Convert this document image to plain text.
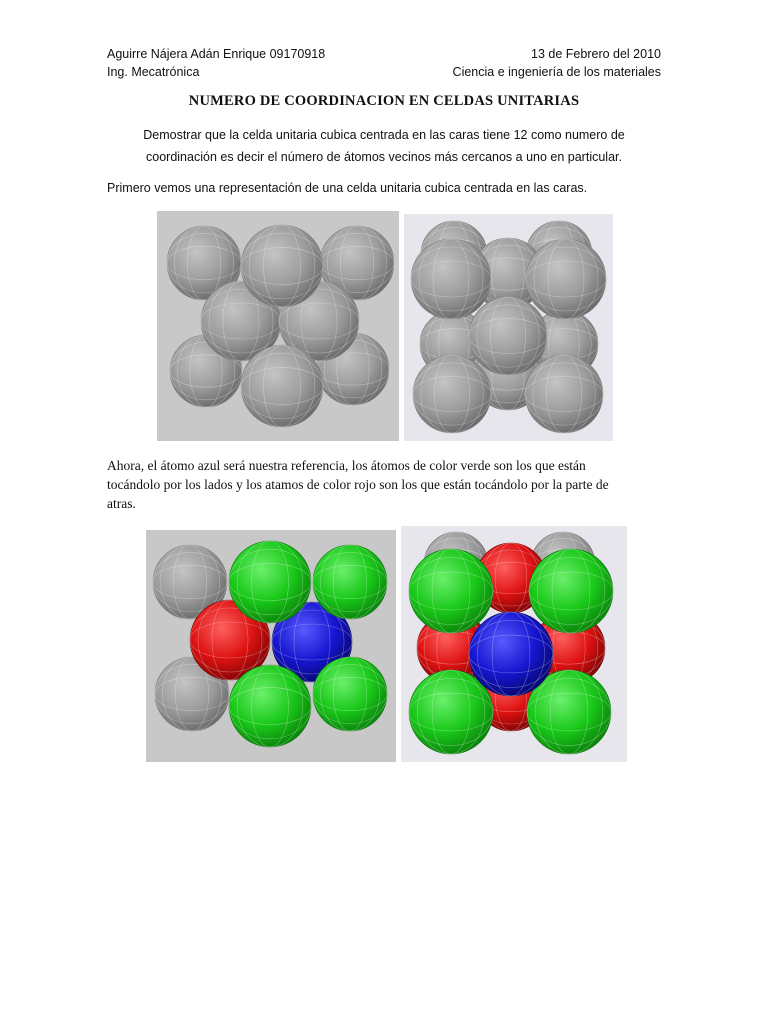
Aguirre Nájera Adán Enrique 09170918
Ing. Mecatrónica
13 de Febrero del 2010
Ciencia e ingeniería de los materiales
NUMERO DE COORDINACION EN CELDAS UNITARIAS
Demostrar que la celda unitaria cubica centrada en las caras tiene 12 como numero de
coordinación es decir el número de átomos vecinos más cercanos a uno en particular.
Primero vemos una representación de una celda unitaria cubica centrada en las caras.
Ahora, el átomo azul será nuestra referencia, los átomos de color verde son los que están
tocándolo por los lados y los atamos de color rojo son los que están tocándolo por la parte de
atras.
